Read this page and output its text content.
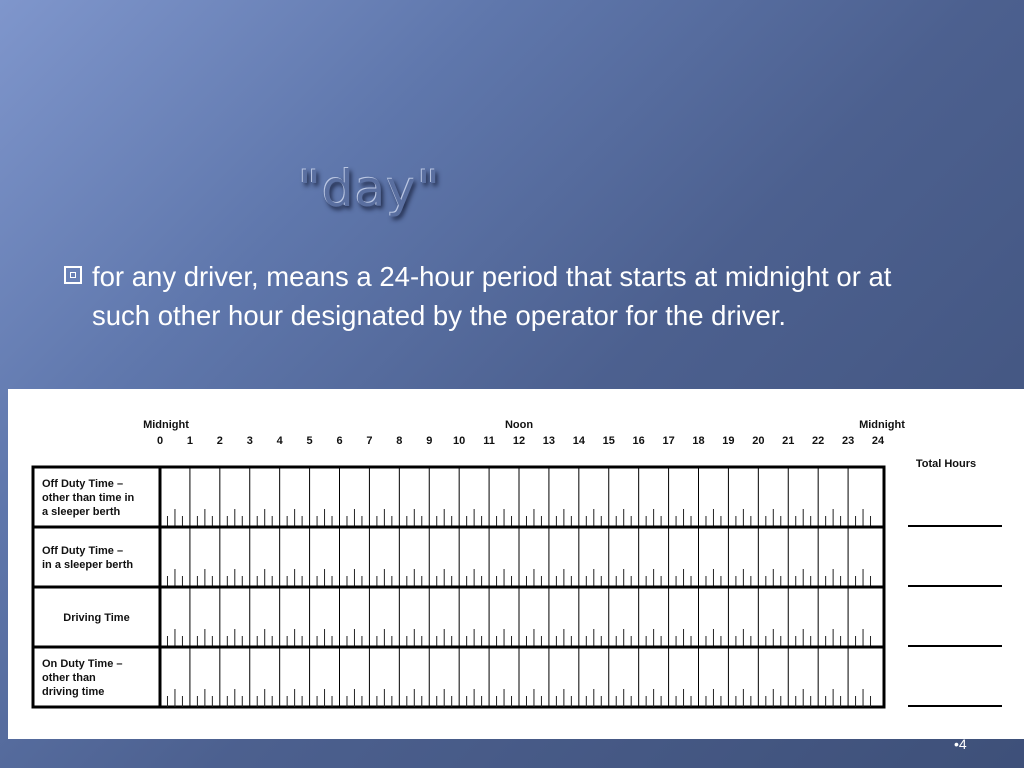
"day"
for any driver, means a 24-hour period that starts at midnight or at such other hour designated by the operator for the driver.
Midnight	Noon	Midnight
0 1 2 3 4 5 6 7 8 9 10 11 12 13 14 15 16 17 18 19 20 21 22 23 24
Total Hours
Off Duty Time –
other than time in
a sleeper berth
Off Duty Time –
in a sleeper berth
Driving Time
On Duty Time –
other than
driving time
•4
